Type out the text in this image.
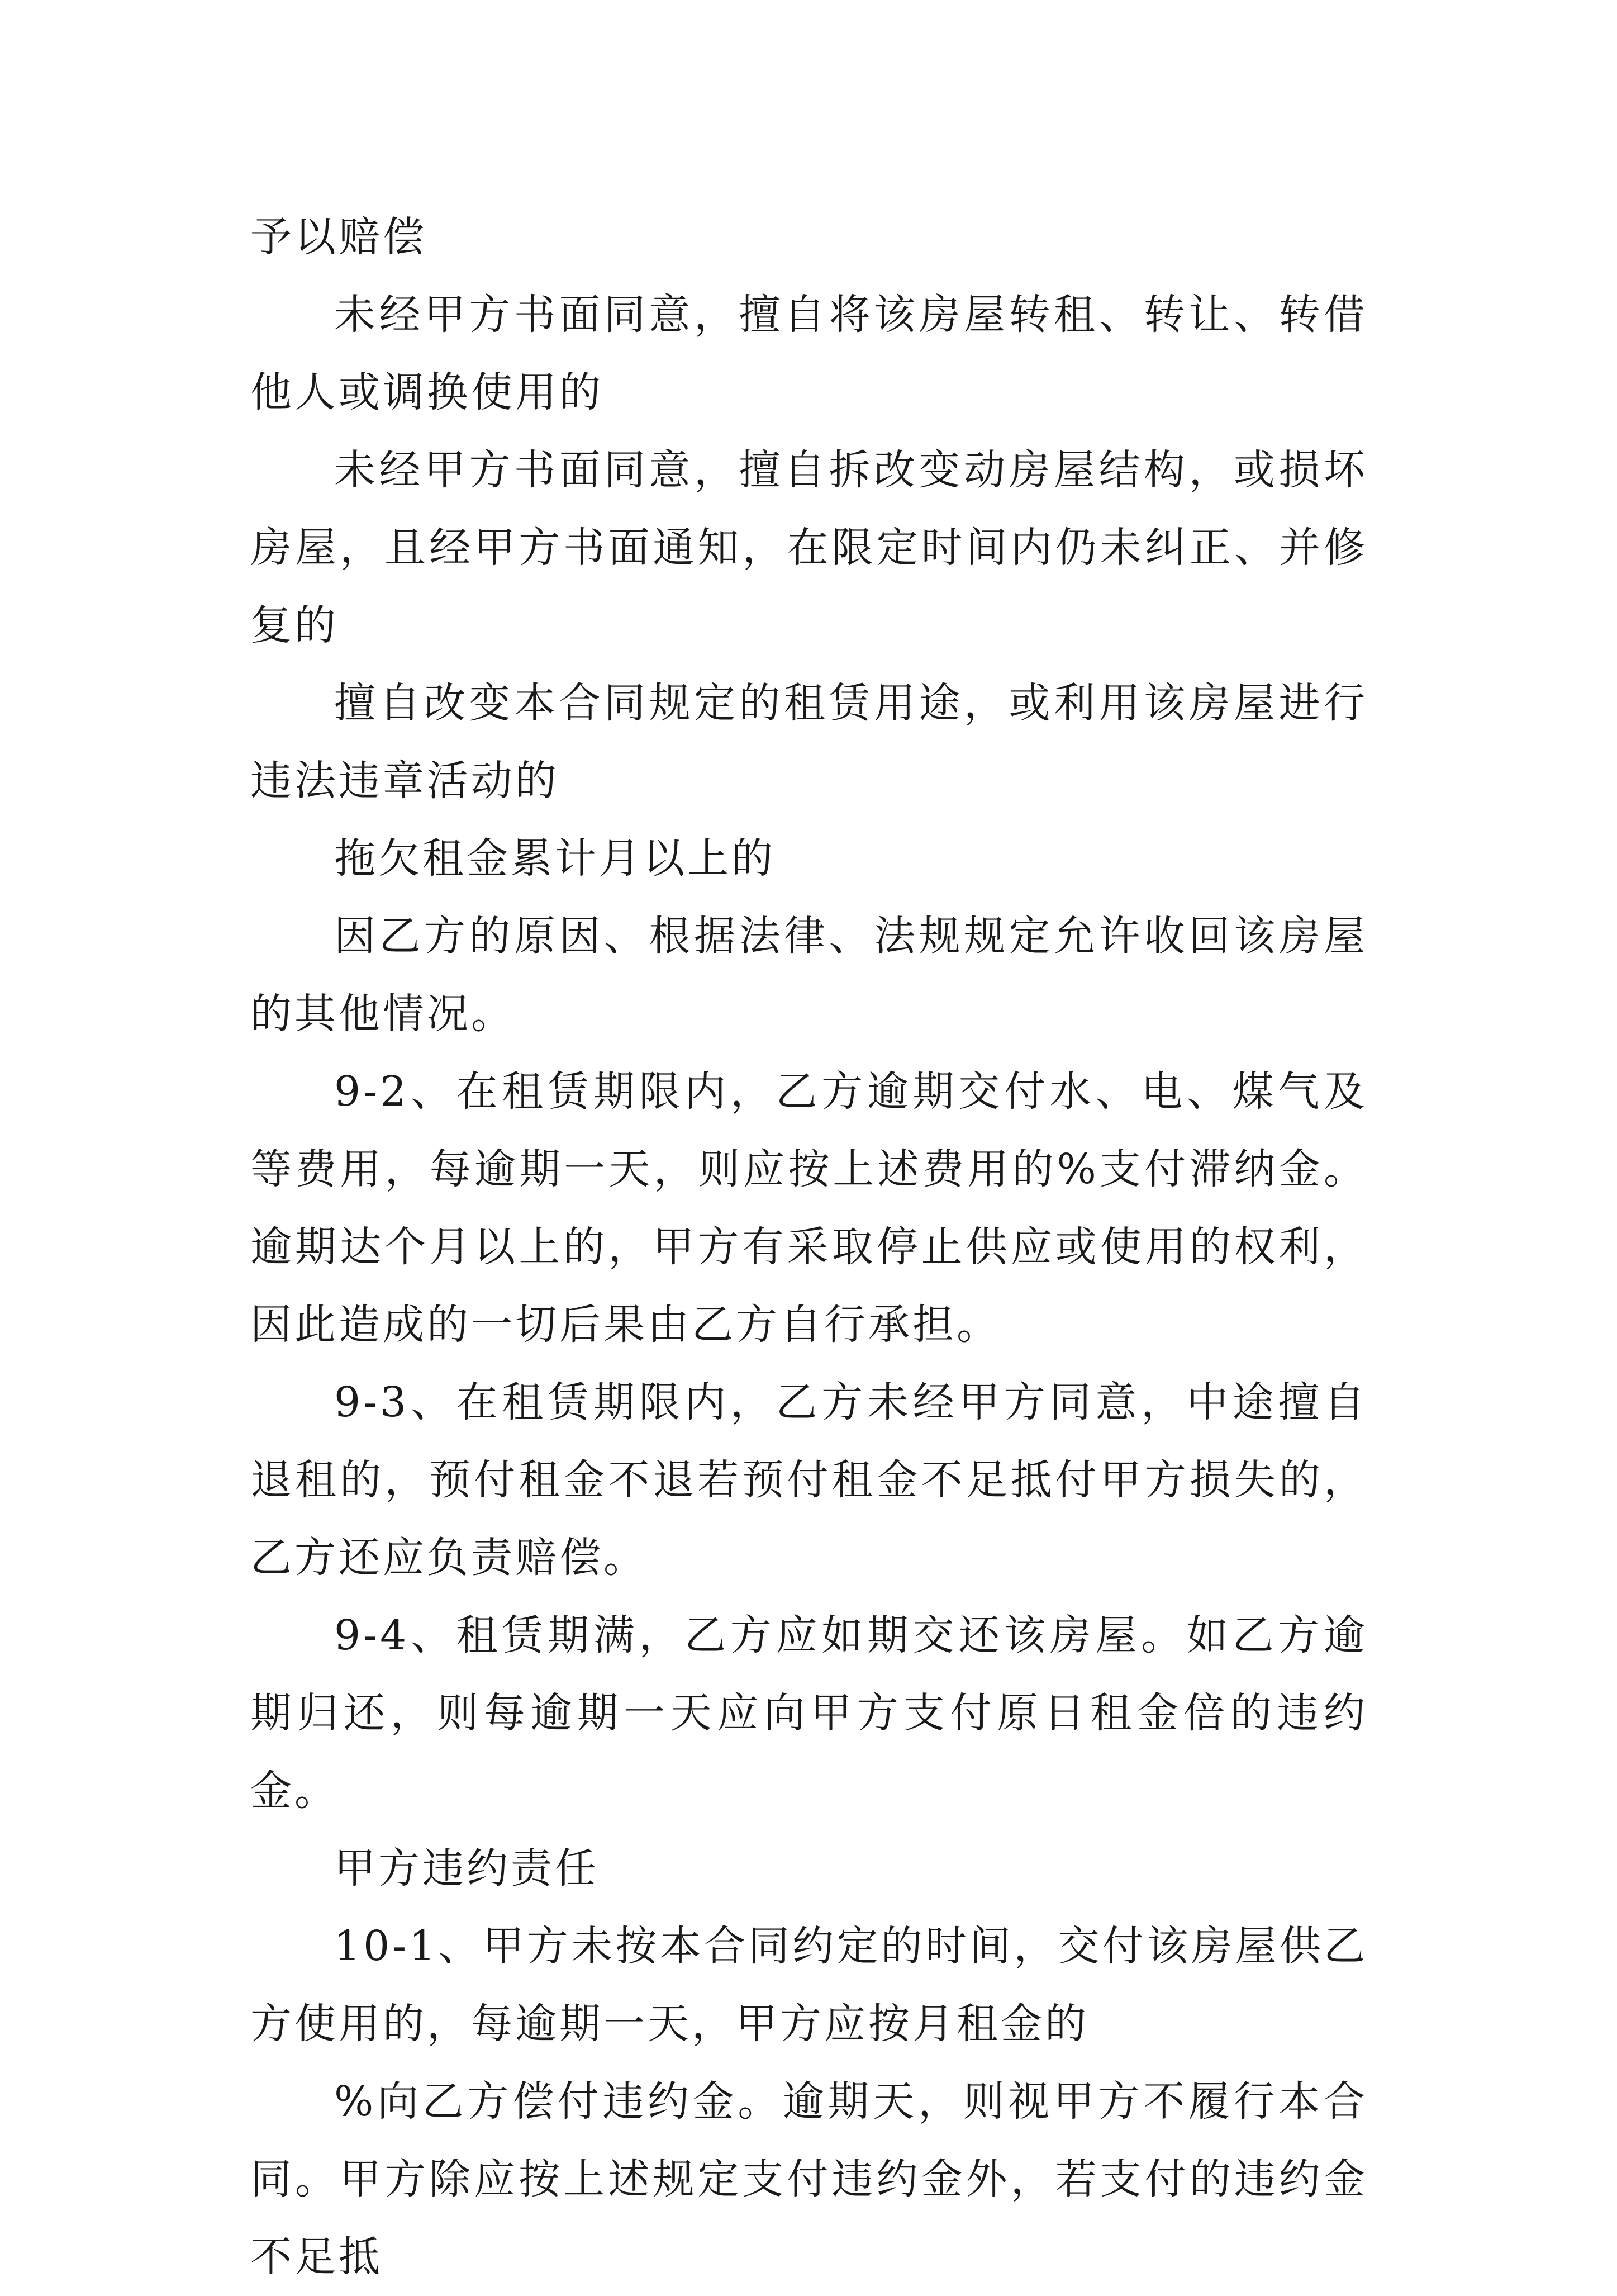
予以赔偿

未经甲方书面同意，擅自将该房屋转租、转让、转借他人或调换使用的

未经甲方书面同意，擅自拆改变动房屋结构，或损坏房屋，且经甲方书面通知，在限定时间内仍未纠正、并修复的

擅自改变本合同规定的租赁用途，或利用该房屋进行违法违章活动的

拖欠租金累计月以上的

因乙方的原因、根据法律、法规规定允许收回该房屋的其他情况。

9-2、在租赁期限内，乙方逾期交付水、电、煤气及等费用，每逾期一天，则应按上述费用的%支付滞纳金。逾期达个月以上的，甲方有采取停止供应或使用的权利，因此造成的一切后果由乙方自行承担。

9-3、在租赁期限内，乙方未经甲方同意，中途擅自退租的，预付租金不退若预付租金不足抵付甲方损失的，乙方还应负责赔偿。

9-4、租赁期满，乙方应如期交还该房屋。如乙方逾期归还，则每逾期一天应向甲方支付原日租金倍的违约金。

甲方违约责任

10-1、甲方未按本合同约定的时间，交付该房屋供乙方使用的，每逾期一天，甲方应按月租金的

%向乙方偿付违约金。逾期天，则视甲方不履行本合同。甲方除应按上述规定支付违约金外，若支付的违约金不足抵
